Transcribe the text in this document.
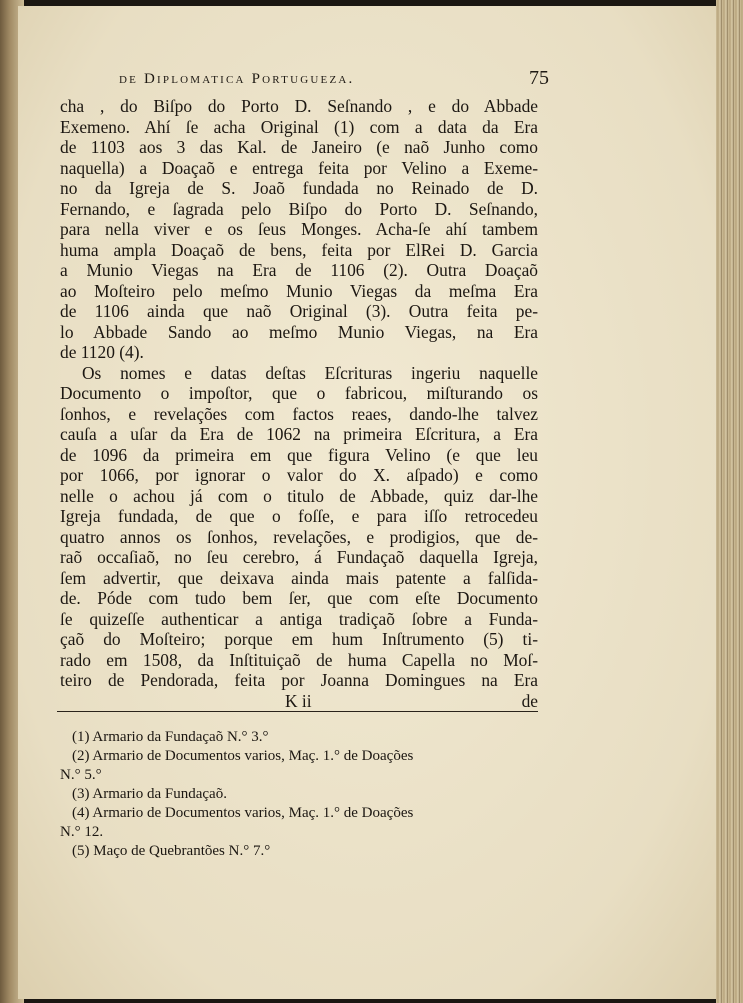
de Diplomatica Portugueza.	75
cha , do Biſpo do Porto D. Seſnando , e do Abbade
Exemeno. Ahí ſe acha Original (1) com a data da Era
de 1103 aos 3 das Kal. de Janeiro (e naõ Junho como
naquella) a Doaçaõ e entrega feita por Velino a Exeme-
no da Igreja de S. Joaõ fundada no Reinado de D.
Fernando, e ſagrada pelo Biſpo do Porto D. Seſnando,
para nella viver e os ſeus Monges. Acha-ſe ahí tambem
huma ampla Doaçaõ de bens, feita por ElRei D. Garcia
a Munio Viegas na Era de 1106 (2). Outra Doaçaõ
ao Moſteiro pelo meſmo Munio Viegas da meſma Era
de 1106 ainda que naõ Original (3). Outra feita pe-
lo Abbade Sando ao meſmo Munio Viegas, na Era
de 1120 (4).
Os nomes e datas deſtas Eſcrituras ingeriu naquelle
Documento o impoſtor, que o fabricou, miſturando os
ſonhos, e revelações com factos reaes, dando-lhe talvez
cauſa a uſar da Era de 1062 na primeira Eſcritura, a Era
de 1096 da primeira em que figura Velino (e que leu
por 1066, por ignorar o valor do X. aſpado) e como
nelle o achou já com o titulo de Abbade, quiz dar-lhe
Igreja fundada, de que o foſſe, e para iſſo retrocedeu
quatro annos os ſonhos, revelações, e prodigios, que de-
raõ occaſiaõ, no ſeu cerebro, á Fundaçaõ daquella Igreja,
ſem advertir, que deixava ainda mais patente a falſida-
de. Póde com tudo bem ſer, que com eſte Documento
ſe quizeſſe authenticar a antiga tradiçaõ ſobre a Funda-
çaõ do Moſteiro; porque em hum Inſtrumento (5) ti-
rado em 1508, da Inſtituiçaõ de huma Capella no Moſ-
teiro de Pendorada, feita por Joanna Domingues na Era
K ii	de
(1) Armario da Fundaçaõ N.° 3.°
(2) Armario de Documentos varios, Maç. 1.° de Doações
N.° 5.°
(3) Armario da Fundaçaõ.
(4) Armario de Documentos varios, Maç. 1.° de Doações
N.° 12.
(5) Maço de Quebrantões N.° 7.°
